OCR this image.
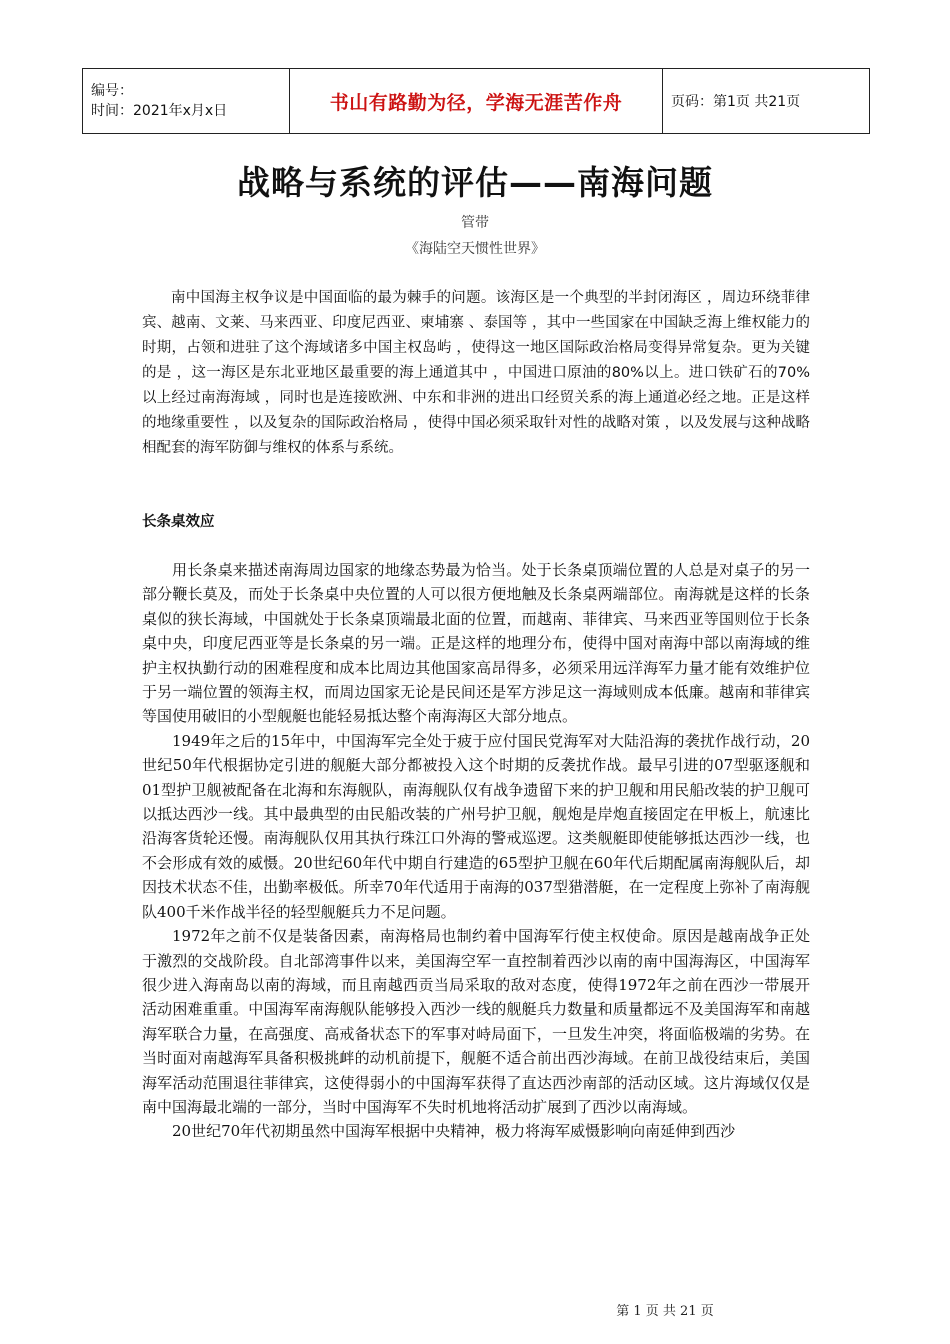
编号：
时间：2021年x月x日	书山有路勤为径，学海无涯苦作舟	页码：第1页 共21页
战略与系统的评估——南海问题
管带
《海陆空天惯性世界》

南中国海主权争议是中国面临的最为棘手的问题。该海区是一个典型的半封闭海区 ，周边环绕菲律宾、越南、文莱、马来西亚、印度尼西亚、柬埔寨 、泰国等 ，其中一些国家在中国缺乏海上维权能力的时期，占领和进驻了这个海域诸多中国主权岛屿 ，使得这一地区国际政治格局变得异常复杂。更为关键的是 ，这一海区是东北亚地区最重要的海上通道其中 ，中国进口原油的80%以上。进口铁矿石的70%以上经过南海海域 ，同时也是连接欧洲、中东和非洲的进出口经贸关系的海上通道必经之地。正是这样的地缘重要性 ，以及复杂的国际政治格局 ，使得中国必须采取针对性的战略对策 ，以及发展与这种战略相配套的海军防御与维权的体系与系统。

长条桌效应

用长条桌来描述南海周边国家的地缘态势最为恰当。处于长条桌顶端位置的人总是对桌子的另一部分鞭长莫及，而处于长条桌中央位置的人可以很方便地触及长条桌两端部位。南海就是这样的长条桌似的狭长海域，中国就处于长条桌顶端最北面的位置，而越南、菲律宾、马来西亚等国则位于长条桌中央，印度尼西亚等是长条桌的另一端。正是这样的地理分布，使得中国对南海中部以南海域的维护主权执勤行动的困难程度和成本比周边其他国家高昂得多，必须采用远洋海军力量才能有效维护位于另一端位置的领海主权，而周边国家无论是民间还是军方涉足这一海域则成本低廉。越南和菲律宾等国使用破旧的小型舰艇也能轻易抵达整个南海海区大部分地点。

1949年之后的15年中，中国海军完全处于疲于应付国民党海军对大陆沿海的袭扰作战行动，20世纪50年代根据协定引进的舰艇大部分都被投入这个时期的反袭扰作战。最早引进的07型驱逐舰和01型护卫舰被配备在北海和东海舰队，南海舰队仅有战争遗留下来的护卫舰和用民船改装的护卫舰可以抵达西沙一线。其中最典型的由民船改装的广州号护卫舰，舰炮是岸炮直接固定在甲板上，航速比沿海客货轮还慢。南海舰队仅用其执行珠江口外海的警戒巡逻。这类舰艇即使能够抵达西沙一线，也不会形成有效的威慑。20世纪60年代中期自行建造的65型护卫舰在60年代后期配属南海舰队后，却因技术状态不佳，出勤率极低。所幸70年代适用于南海的037型猎潜艇，在一定程度上弥补了南海舰队400千米作战半径的轻型舰艇兵力不足问题。

1972年之前不仅是装备因素，南海格局也制约着中国海军行使主权使命。原因是越南战争正处于激烈的交战阶段。自北部湾事件以来，美国海空军一直控制着西沙以南的南中国海海区，中国海军很少进入海南岛以南的海域，而且南越西贡当局采取的敌对态度，使得1972年之前在西沙一带展开活动困难重重。中国海军南海舰队能够投入西沙一线的舰艇兵力数量和质量都远不及美国海军和南越海军联合力量，在高强度、高戒备状态下的军事对峙局面下，一旦发生冲突，将面临极端的劣势。在当时面对南越海军具备积极挑衅的动机前提下，舰艇不适合前出西沙海域。在前卫战役结束后，美国海军活动范围退往菲律宾，这使得弱小的中国海军获得了直达西沙南部的活动区域。这片海域仅仅是南中国海最北端的一部分，当时中国海军不失时机地将活动扩展到了西沙以南海域。

20世纪70年代初期虽然中国海军根据中央精神，极力将海军威慑影响向南延伸到西沙

第 1 页 共 21 页
